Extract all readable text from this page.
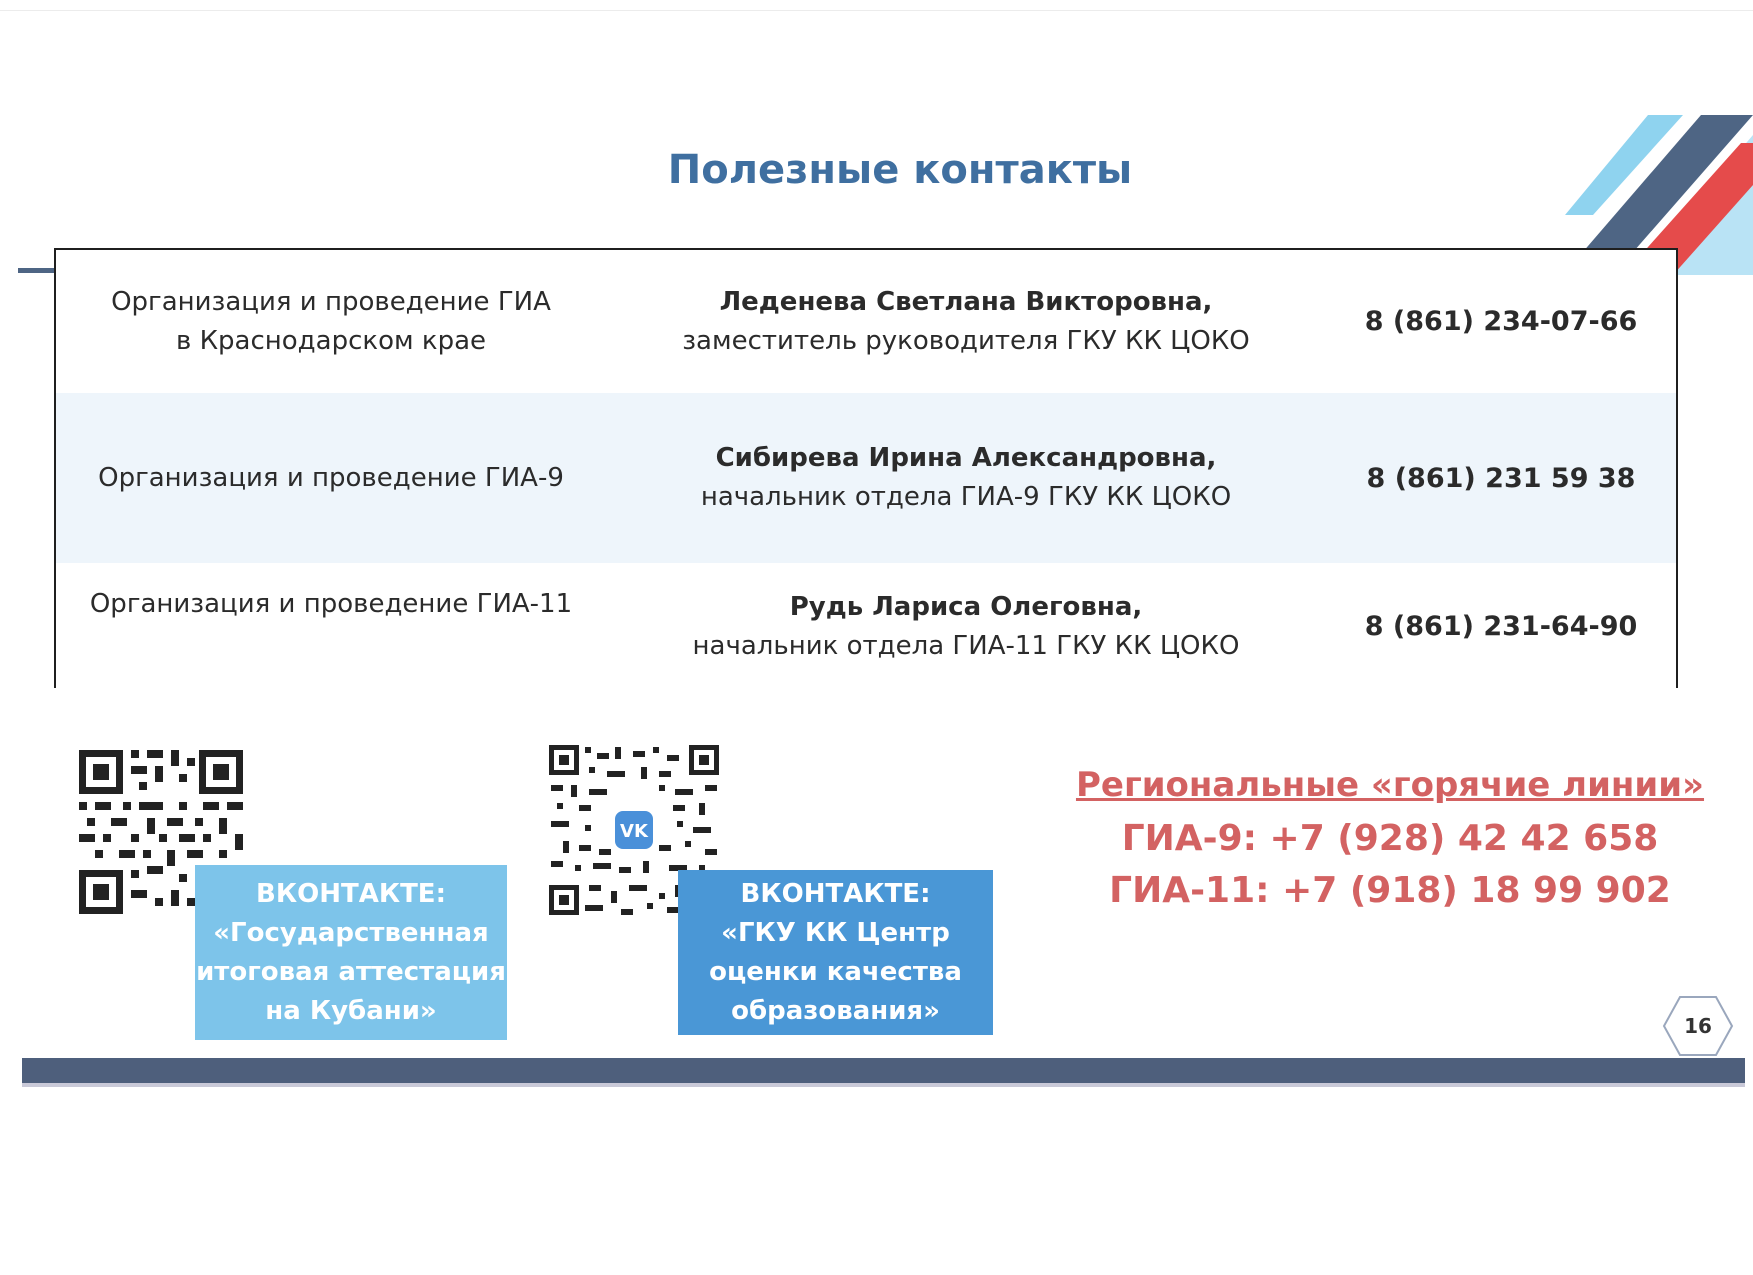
Полезные контакты
Организация и проведение ГИА
в Краснодарском крае
Леденева Светлана Викторовна,
заместитель руководителя ГКУ КК ЦОКО
8 (861) 234-07-66
Организация и проведение ГИА-9
Сибирева Ирина Александровна,
начальник отдела ГИА-9 ГКУ КК ЦОКО
8 (861) 231 59 38
Организация и проведение ГИА-11	Рудь Лариса Олеговна,
начальник отдела ГИА-11 ГКУ КК ЦОКО
8 (861) 231-64-90
VK
ВКОНТАКТЕ:
«Государственная
итоговая аттестация
на Кубани»
ВКОНТАКТЕ:
«ГКУ КК Центр
оценки качества
образования»
Региональные «горячие линии»
ГИА-9: +7 (928) 42 42 658
ГИА-11: +7 (918) 18 99 902
16
